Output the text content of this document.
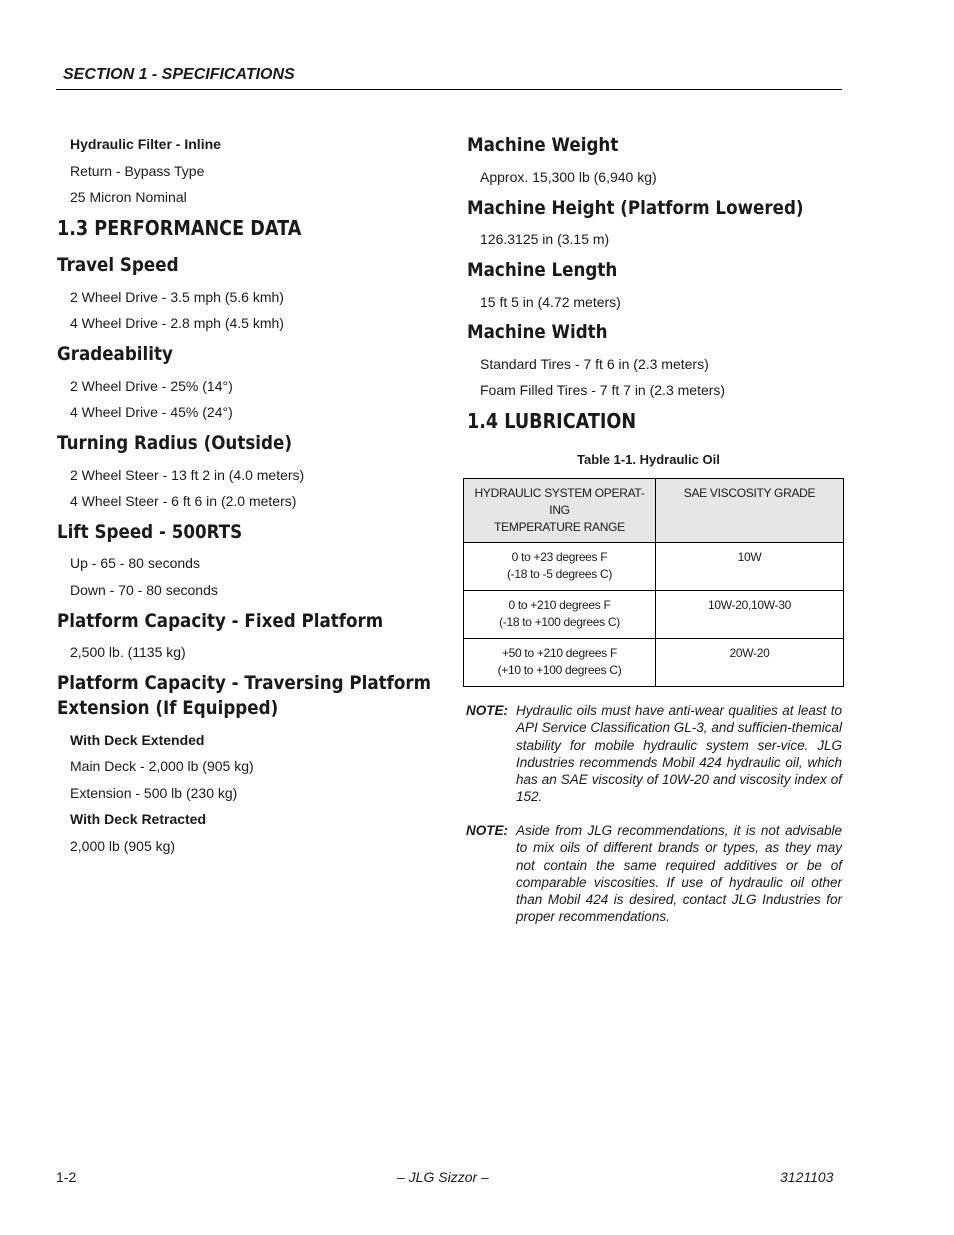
SECTION 1 - SPECIFICATIONS
Hydraulic Filter - Inline
Return - Bypass Type
25 Micron Nominal
1.3 PERFORMANCE DATA
Travel Speed
2 Wheel Drive - 3.5 mph (5.6 kmh)
4 Wheel Drive - 2.8 mph (4.5 kmh)
Gradeability
2 Wheel Drive - 25% (14°)
4 Wheel Drive - 45% (24°)
Turning Radius (Outside)
2 Wheel Steer - 13 ft 2 in (4.0 meters)
4 Wheel Steer - 6 ft 6 in (2.0 meters)
Lift Speed - 500RTS
Up - 65 - 80 seconds
Down - 70 - 80 seconds
Platform Capacity - Fixed Platform
2,500 lb. (1135 kg)
Platform Capacity - Traversing Platform
Extension (If Equipped)
With Deck Extended
Main Deck - 2,000 lb (905 kg)
Extension - 500 lb (230 kg)
With Deck Retracted
2,000 lb (905 kg)
Machine Weight
Approx. 15,300 lb (6,940 kg)
Machine Height (Platform Lowered)
126.3125 in (3.15 m)
Machine Length
15 ft 5 in (4.72 meters)
Machine Width
Standard Tires - 7 ft 6 in (2.3 meters)
Foam Filled Tires - 7 ft 7 in (2.3 meters)
1.4 LUBRICATION
Table 1-1. Hydraulic Oil
HYDRAULIC SYSTEM OPERAT-
ING
TEMPERATURE RANGE	SAE VISCOSITY GRADE

0 to +23 degrees F
(-18 to -5 degrees C)	10W

0 to +210 degrees F
(-18 to +100 degrees C)	10W-20,10W-30

+50 to +210 degrees F
(+10 to +100 degrees C)	20W-20
NOTE: Hydraulic oils must have anti-wear qualities at least to API Service Classification GL-3, and sufficien-themical stability for mobile hydraulic system ser-vice. JLG Industries recommends Mobil 424 hydraulic oil, which has an SAE viscosity of 10W-20 and viscosity index of 152.
NOTE: Aside from JLG recommendations, it is not advisable to mix oils of different brands or types, as they may not contain the same required additives or be of comparable viscosities. If use of hydraulic oil other than Mobil 424 is desired, contact JLG Industries for proper recommendations.
1-2	– JLG Sizzor –	3121103
